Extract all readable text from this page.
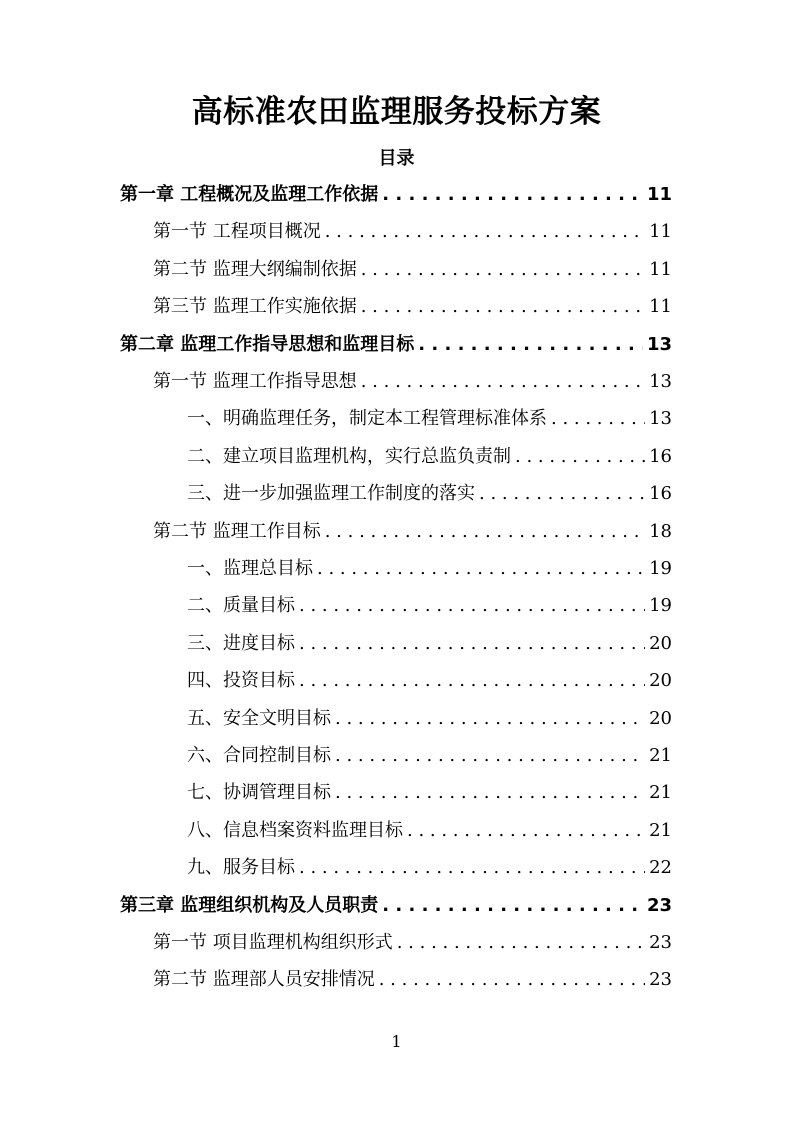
高标准农田监理服务投标方案
目录
第一章 工程概况及监理工作依据 . . .	11
第一节 工程项目概况 . . .	11
第二节 监理大纲编制依据 . . .	11
第三节 监理工作实施依据 . . .	11
第二章 监理工作指导思想和监理目标 . . .	13
第一节 监理工作指导思想 . . .	13
一、明确监理任务，制定本工程管理标准体系 . . .	13
二、建立项目监理机构，实行总监负责制 . . .	16
三、进一步加强监理工作制度的落实 . . .	16
第二节 监理工作目标 . . .	18
一、监理总目标 . . .	19
二、质量目标 . . .	19
三、进度目标 . . .	20
四、投资目标 . . .	20
五、安全文明目标 . . .	20
六、合同控制目标 . . .	21
七、协调管理目标 . . .	21
八、信息档案资料监理目标 . . .	21
九、服务目标 . . .	22
第三章 监理组织机构及人员职责 . . .	23
第一节 项目监理机构组织形式 . . .	23
第二节 监理部人员安排情况 . . .	23
1
